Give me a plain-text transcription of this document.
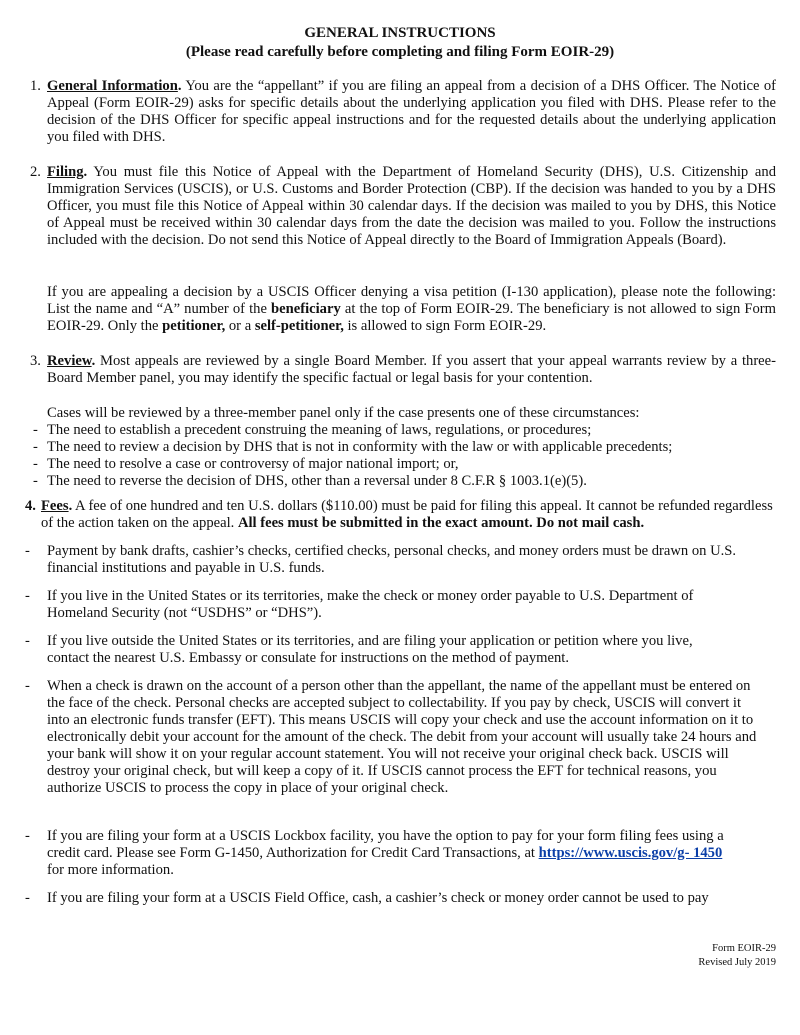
GENERAL INSTRUCTIONS
(Please read carefully before completing and filing Form EOIR-29)
1. General Information. You are the “appellant” if you are filing an appeal from a decision of a DHS Officer. The Notice of Appeal (Form EOIR-29) asks for specific details about the underlying application you filed with DHS. Please refer to the decision of the DHS Officer for specific appeal instructions and for the requested details about the underlying application you filed with DHS.
2. Filing. You must file this Notice of Appeal with the Department of Homeland Security (DHS), U.S. Citizenship and Immigration Services (USCIS), or U.S. Customs and Border Protection (CBP). If the decision was handed to you by a DHS Officer, you must file this Notice of Appeal within 30 calendar days. If the decision was mailed to you by DHS, this Notice of Appeal must be received within 30 calendar days from the date the decision was mailed to you. Follow the instructions included with the decision. Do not send this Notice of Appeal directly to the Board of Immigration Appeals (Board).
If you are appealing a decision by a USCIS Officer denying a visa petition (I-130 application), please note the following: List the name and “A” number of the beneficiary at the top of Form EOIR-29. The beneficiary is not allowed to sign Form EOIR-29. Only the petitioner, or a self-petitioner, is allowed to sign Form EOIR-29.
3. Review. Most appeals are reviewed by a single Board Member. If you assert that your appeal warrants review by a three-Board Member panel, you may identify the specific factual or legal basis for your contention.
Cases will be reviewed by a three-member panel only if the case presents one of these circumstances:
- The need to establish a precedent construing the meaning of laws, regulations, or procedures;
- The need to review a decision by DHS that is not in conformity with the law or with applicable precedents;
- The need to resolve a case or controversy of major national import; or,
- The need to reverse the decision of DHS, other than a reversal under 8 C.F.R § 1003.1(e)(5).
4. Fees. A fee of one hundred and ten U.S. dollars ($110.00) must be paid for filing this appeal. It cannot be refunded regardless of the action taken on the appeal. All fees must be submitted in the exact amount. Do not mail cash.
- Payment by bank drafts, cashier’s checks, certified checks, personal checks, and money orders must be drawn on U.S. financial institutions and payable in U.S. funds.
- If you live in the United States or its territories, make the check or money order payable to U.S. Department of Homeland Security (not “USDHS” or “DHS”).
- If you live outside the United States or its territories, and are filing your application or petition where you live, contact the nearest U.S. Embassy or consulate for instructions on the method of payment.
- When a check is drawn on the account of a person other than the appellant, the name of the appellant must be entered on the face of the check. Personal checks are accepted subject to collectability. If you pay by check, USCIS will convert it into an electronic funds transfer (EFT). This means USCIS will copy your check and use the account information on it to electronically debit your account for the amount of the check. The debit from your account will usually take 24 hours and your bank will show it on your regular account statement. You will not receive your original check back. USCIS will destroy your original check, but will keep a copy of it. If USCIS cannot process the EFT for technical reasons, you authorize USCIS to process the copy in place of your original check.
- If you are filing your form at a USCIS Lockbox facility, you have the option to pay for your form filing fees using a credit card. Please see Form G-1450, Authorization for Credit Card Transactions, at https://www.uscis.gov/g- 1450 for more information.
- If you are filing your form at a USCIS Field Office, cash, a cashier’s check or money order cannot be used to pay
Form EOIR-29
Revised July 2019
